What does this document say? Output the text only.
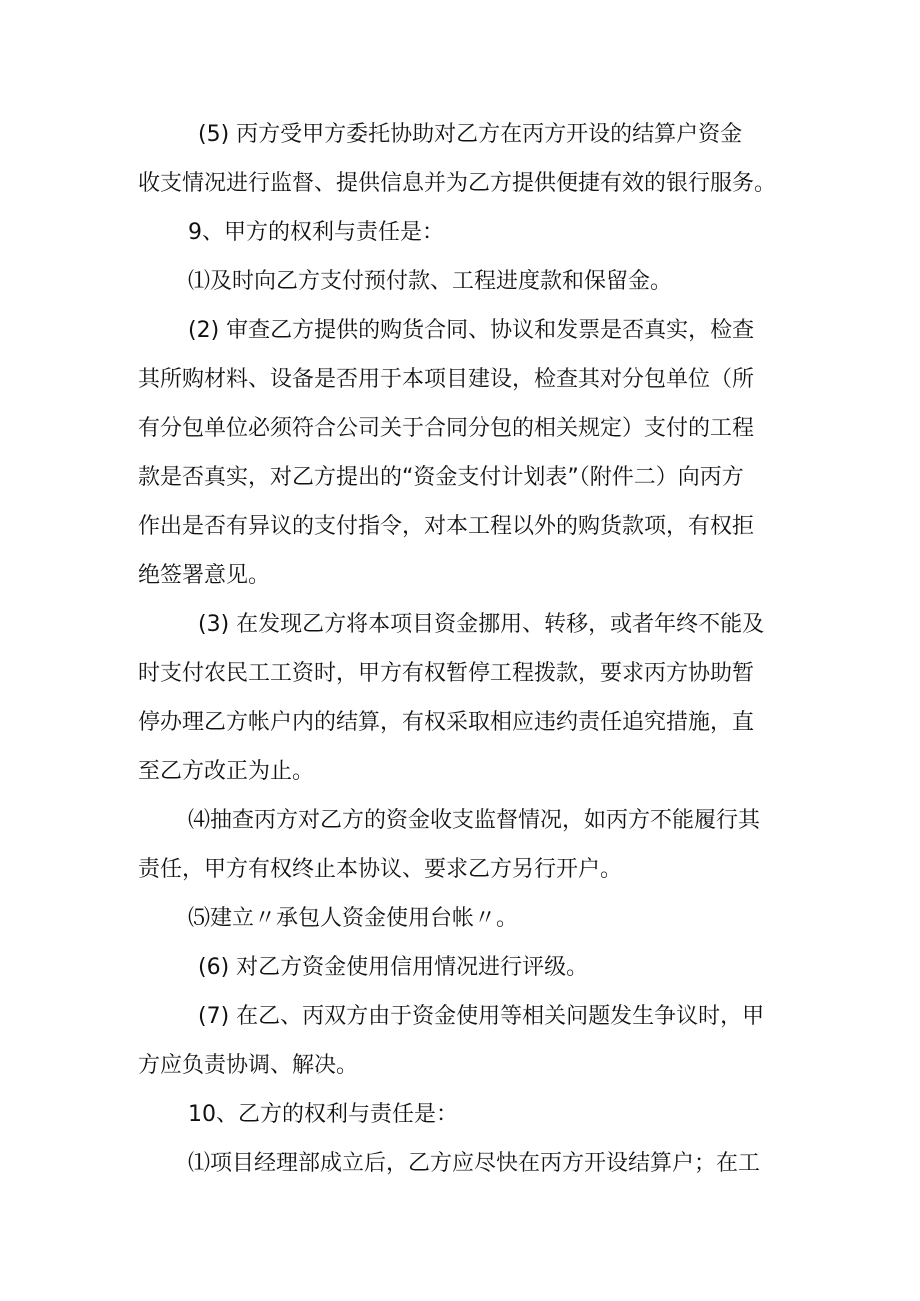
(5) 丙方受甲方委托协助对乙方在丙方开设的结算户资金
收支情况进行监督、提供信息并为乙方提供便捷有效的银行服务。
9、甲方的权利与责任是：
⑴及时向乙方支付预付款、工程进度款和保留金。
(2) 审查乙方提供的购货合同、协议和发票是否真实，检查
其所购材料、设备是否用于本项目建设，检查其对分包单位（所
有分包单位必须符合公司关于合同分包的相关规定）支付的工程
款是否真实，对乙方提出的“资金支付计划表”（附件二）向丙方
作出是否有异议的支付指令，对本工程以外的购货款项，有权拒
绝签署意见。
(3) 在发现乙方将本项目资金挪用、转移，或者年终不能及
时支付农民工工资时，甲方有权暂停工程拨款，要求丙方协助暂
停办理乙方帐户内的结算，有权采取相应违约责任追究措施，直
至乙方改正为止。
⑷抽查丙方对乙方的资金收支监督情况，如丙方不能履行其
责任，甲方有权终止本协议、要求乙方另行开户。
⑸建立〃承包人资金使用台帐〃。
(6) 对乙方资金使用信用情况进行评级。
(7) 在乙、丙双方由于资金使用等相关问题发生争议时，甲
方应负责协调、解决。
10、乙方的权利与责任是：
⑴项目经理部成立后，乙方应尽快在丙方开设结算户；在工
